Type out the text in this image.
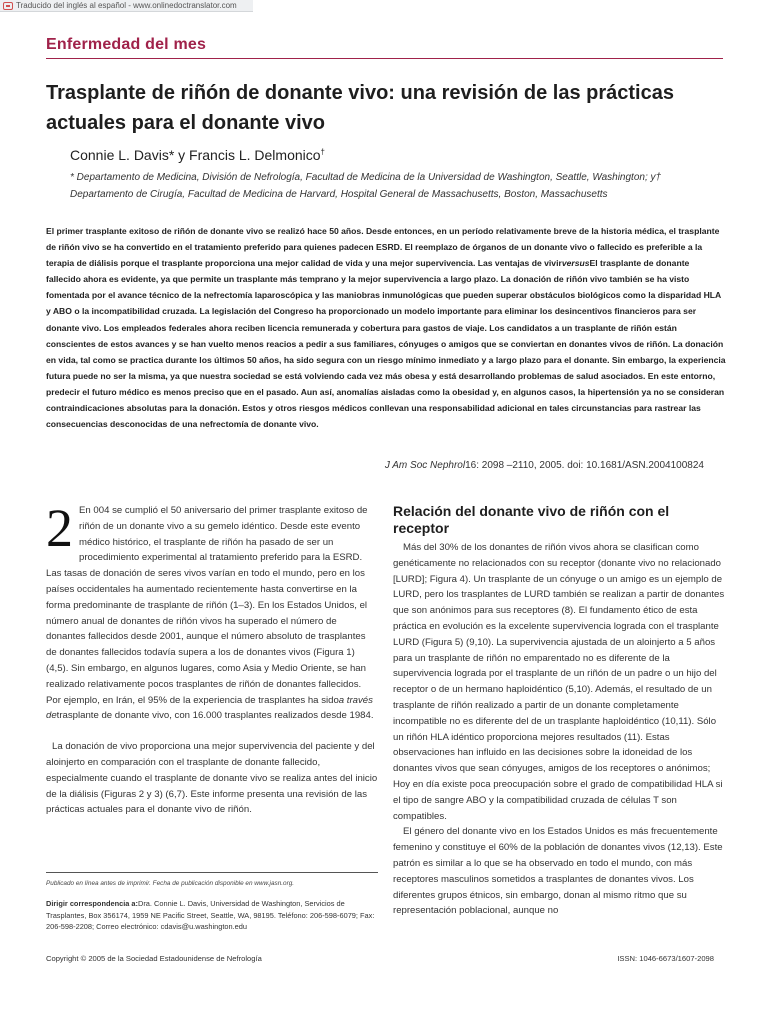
Traducido del inglés al español - www.onlinedoctranslator.com
Enfermedad del mes
Trasplante de riñón de donante vivo: una revisión de las prácticas actuales para el donante vivo
Connie L. Davis* y Francis L. Delmonico†
* Departamento de Medicina, División de Nefrología, Facultad de Medicina de la Universidad de Washington, Seattle, Washington; y† Departamento de Cirugía, Facultad de Medicina de Harvard, Hospital General de Massachusetts, Boston, Massachusetts
El primer trasplante exitoso de riñón de donante vivo se realizó hace 50 años. Desde entonces, en un período relativamente breve de la historia médica, el trasplante de riñón vivo se ha convertido en el tratamiento preferido para quienes padecen ESRD. El reemplazo de órganos de un donante vivo o fallecido es preferible a la terapia de diálisis porque el trasplante proporciona una mejor calidad de vida y una mejor supervivencia. Las ventajas de vivirversusEl trasplante de donante fallecido ahora es evidente, ya que permite un trasplante más temprano y la mejor supervivencia a largo plazo. La donación de riñón vivo también se ha visto fomentada por el avance técnico de la nefrectomía laparoscópica y las maniobras inmunológicas que pueden superar obstáculos biológicos como la disparidad HLA y ABO o la incompatibilidad cruzada. La legislación del Congreso ha proporcionado un modelo importante para eliminar los desincentivos financieros para ser donante vivo. Los empleados federales ahora reciben licencia remunerada y cobertura para gastos de viaje. Los candidatos a un trasplante de riñón están conscientes de estos avances y se han vuelto menos reacios a pedir a sus familiares, cónyuges o amigos que se conviertan en donantes vivos de riñón. La donación en vida, tal como se practica durante los últimos 50 años, ha sido segura con un riesgo mínimo inmediato y a largo plazo para el donante. Sin embargo, la experiencia futura puede no ser la misma, ya que nuestra sociedad se está volviendo cada vez más obesa y está desarrollando problemas de salud asociados. En este entorno, predecir el futuro médico es menos preciso que en el pasado. Aun así, anomalías aisladas como la obesidad y, en algunos casos, la hipertensión ya no se consideran contraindicaciones absolutas para la donación. Estos y otros riesgos médicos conllevan una responsabilidad adicional en tales circunstancias para rastrear las consecuencias desconocidas de una nefrectomía de donante vivo.
J Am Soc Nephrol16: 2098 –2110, 2005. doi: 10.1681/ASN.2004100824

2 En 004 se cumplió el 50 aniversario del primer trasplante exitoso de riñón de un donante vivo a su gemelo idéntico. Desde este evento médico histórico, el trasplante de riñón ha pasado de ser un procedimiento experimental al tratamiento preferido para la ESRD. Las tasas de donación de seres vivos varían en todo el mundo, pero en los países occidentales ha aumentado recientemente hasta convertirse en la forma predominante de trasplante de riñón (1–3). En los Estados Unidos, el número anual de donantes de riñón vivos ha superado el número de donantes fallecidos desde 2001, aunque el número absoluto de trasplantes de donantes fallecidos todavía supera a los de donantes vivos (Figura 1) (4,5). Sin embargo, en algunos lugares, como Asia y Medio Oriente, se han realizado relativamente pocos trasplantes de riñón de donantes fallecidos. Por ejemplo, en Irán, el 95% de la experiencia de trasplantes ha sidoa través detrasplante de donante vivo, con 16.000 trasplantes realizados desde 1984.

La donación de vivo proporciona una mejor supervivencia del paciente y del aloinjerto en comparación con el trasplante de donante fallecido, especialmente cuando el trasplante de donante vivo se realiza antes del inicio de la diálisis (Figuras 2 y 3) (6,7). Este informe presenta una revisión de las prácticas actuales para el donante vivo de riñón.

Publicado en línea antes de imprimir. Fecha de publicación disponible en www.jasn.org.
Dirigir correspondencia a:Dra. Connie L. Davis, Universidad de Washington, Servicios de Trasplantes, Box 356174, 1959 NE Pacific Street, Seattle, WA, 98195. Teléfono: 206-598-6079; Fax: 206-598-2208; Correo electrónico: cdavis@u.washington.edu
Relación del donante vivo de riñón con el receptor

Más del 30% de los donantes de riñón vivos ahora se clasifican como genéticamente no relacionados con su receptor (donante vivo no relacionado [LURD]; Figura 4). Un trasplante de un cónyuge o un amigo es un ejemplo de LURD, pero los trasplantes de LURD también se realizan a partir de donantes que son anónimos para sus receptores (8). El fundamento ético de esta práctica en evolución es la excelente supervivencia lograda con el trasplante LURD (Figura 5) (9,10). La supervivencia ajustada de un aloinjerto a 5 años para un trasplante de riñón no emparentado no es diferente de la supervivencia lograda por el trasplante de un riñón de un padre o un hijo del receptor o de un hermano haploidéntico (5,10). Además, el resultado de un trasplante de riñón realizado a partir de un donante completamente incompatible no es diferente del de un trasplante haploidéntico (10,11). Sólo un riñón HLA idéntico proporciona mejores resultados (11). Estas observaciones han influido en las decisiones sobre la idoneidad de los donantes vivos que sean cónyuges, amigos de los receptores o anónimos; Hoy en día existe poca preocupación sobre el grado de compatibilidad HLA si el tipo de sangre ABO y la compatibilidad cruzada de células T son compatibles.

El género del donante vivo en los Estados Unidos es más frecuentemente femenino y constituye el 60% de la población de donantes vivos (12,13). Este patrón es similar a lo que se ha observado en todo el mundo, con más receptores masculinos sometidos a trasplantes de donantes vivos. Los diferentes grupos étnicos, sin embargo, donan al mismo ritmo que su representación poblacional, aunque no

Copyright © 2005 de la Sociedad Estadounidense de Nefrología	ISSN: 1046-6673/1607-2098
